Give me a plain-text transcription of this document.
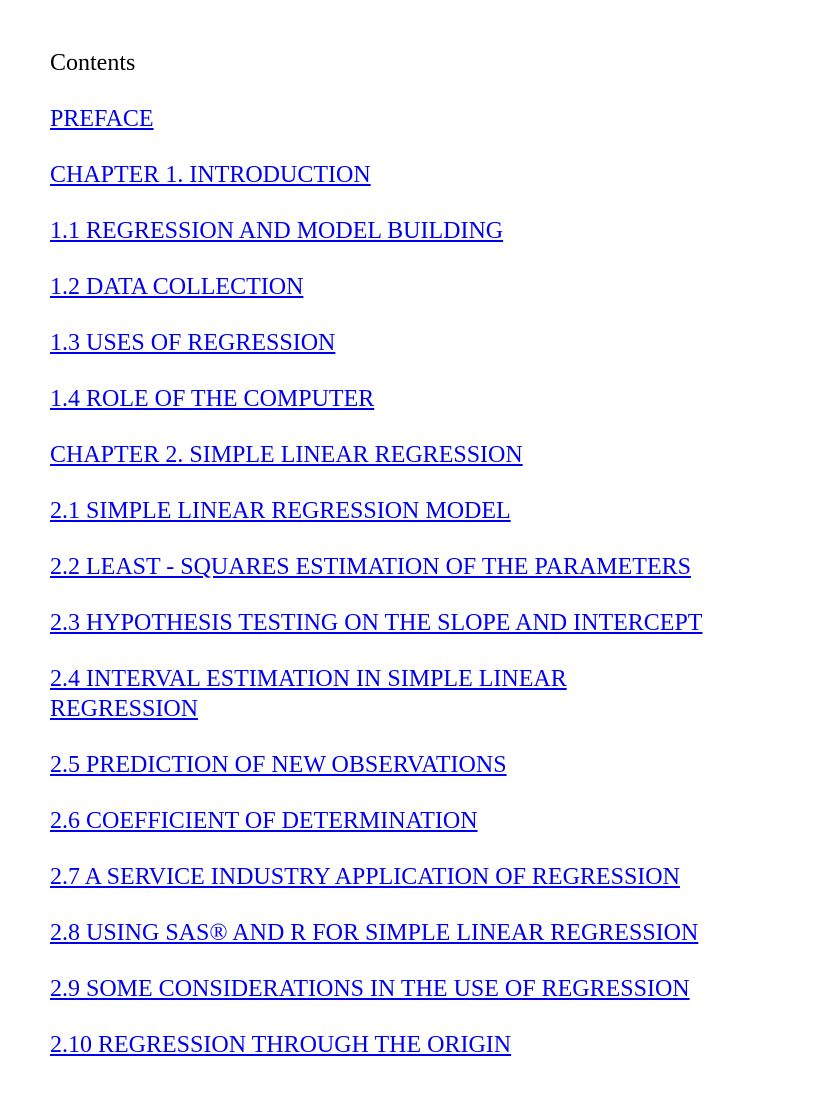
Contents
PREFACE
CHAPTER 1. INTRODUCTION
1.1 REGRESSION AND MODEL BUILDING
1.2 DATA COLLECTION
1.3 USES OF REGRESSION
1.4 ROLE OF THE COMPUTER
CHAPTER 2. SIMPLE LINEAR REGRESSION
2.1 SIMPLE LINEAR REGRESSION MODEL
2.2 LEAST - SQUARES ESTIMATION OF THE PARAMETERS
2.3 HYPOTHESIS TESTING ON THE SLOPE AND INTERCEPT
2.4 INTERVAL ESTIMATION IN SIMPLE LINEAR REGRESSION
2.5 PREDICTION OF NEW OBSERVATIONS
2.6 COEFFICIENT OF DETERMINATION
2.7 A SERVICE INDUSTRY APPLICATION OF REGRESSION
2.8 USING SAS® AND R FOR SIMPLE LINEAR REGRESSION
2.9 SOME CONSIDERATIONS IN THE USE OF REGRESSION
2.10 REGRESSION THROUGH THE ORIGIN
